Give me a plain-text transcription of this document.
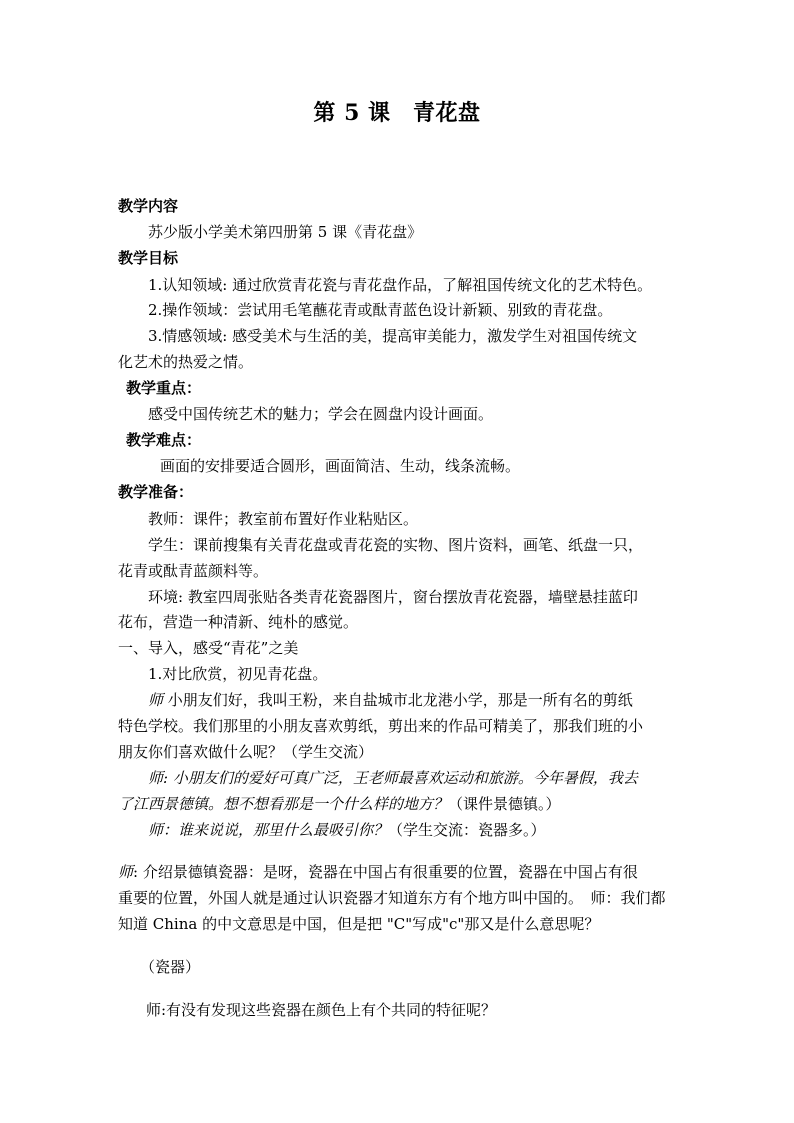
第 5 课　青花盘
教学内容
苏少版小学美术第四册第 5 课《青花盘》
教学目标
1.认知领域: 通过欣赏青花瓷与青花盘作品，了解祖国传统文化的艺术特色。
2.操作领域：尝试用毛笔蘸花青或酞青蓝色设计新颖、别致的青花盘。
3.情感领域: 感受美术与生活的美，提高审美能力，激发学生对祖国传统文
化艺术的热爱之情。
教学重点：
感受中国传统艺术的魅力；学会在圆盘内设计画面。
教学难点：
画面的安排要适合圆形，画面简洁、生动，线条流畅。
教学准备：
教师：课件；教室前布置好作业粘贴区。
学生：课前搜集有关青花盘或青花瓷的实物、图片资料，画笔、纸盘一只，
花青或酞青蓝颜料等。
环境: 教室四周张贴各类青花瓷器图片，窗台摆放青花瓷器，墙壁悬挂蓝印
花布，营造一种清新、纯朴的感觉。
一、导入，感受“青花”之美
1.对比欣赏，初见青花盘。
师 小朋友们好，我叫王粉，来自盐城市北龙港小学，那是一所有名的剪纸
特色学校。我们那里的小朋友喜欢剪纸，剪出来的作品可精美了，那我们班的小
朋友你们喜欢做什么呢？（学生交流）
师: 小朋友们的爱好可真广泛，王老师最喜欢运动和旅游。今年暑假，我去
了江西景德镇。想不想看那是一个什么样的地方？（课件景德镇。）
师：谁来说说，那里什么最吸引你？（学生交流：瓷器多。）
师: 介绍景德镇瓷器：是呀，瓷器在中国占有很重要的位置，瓷器在中国占有很
重要的位置，外国人就是通过认识瓷器才知道东方有个地方叫中国的。　师：我们都
知道 China 的中文意思是中国，但是把 "C"写成"c"那又是什么意思呢？
（瓷器）
师:有没有发现这些瓷器在颜色上有个共同的特征呢？
